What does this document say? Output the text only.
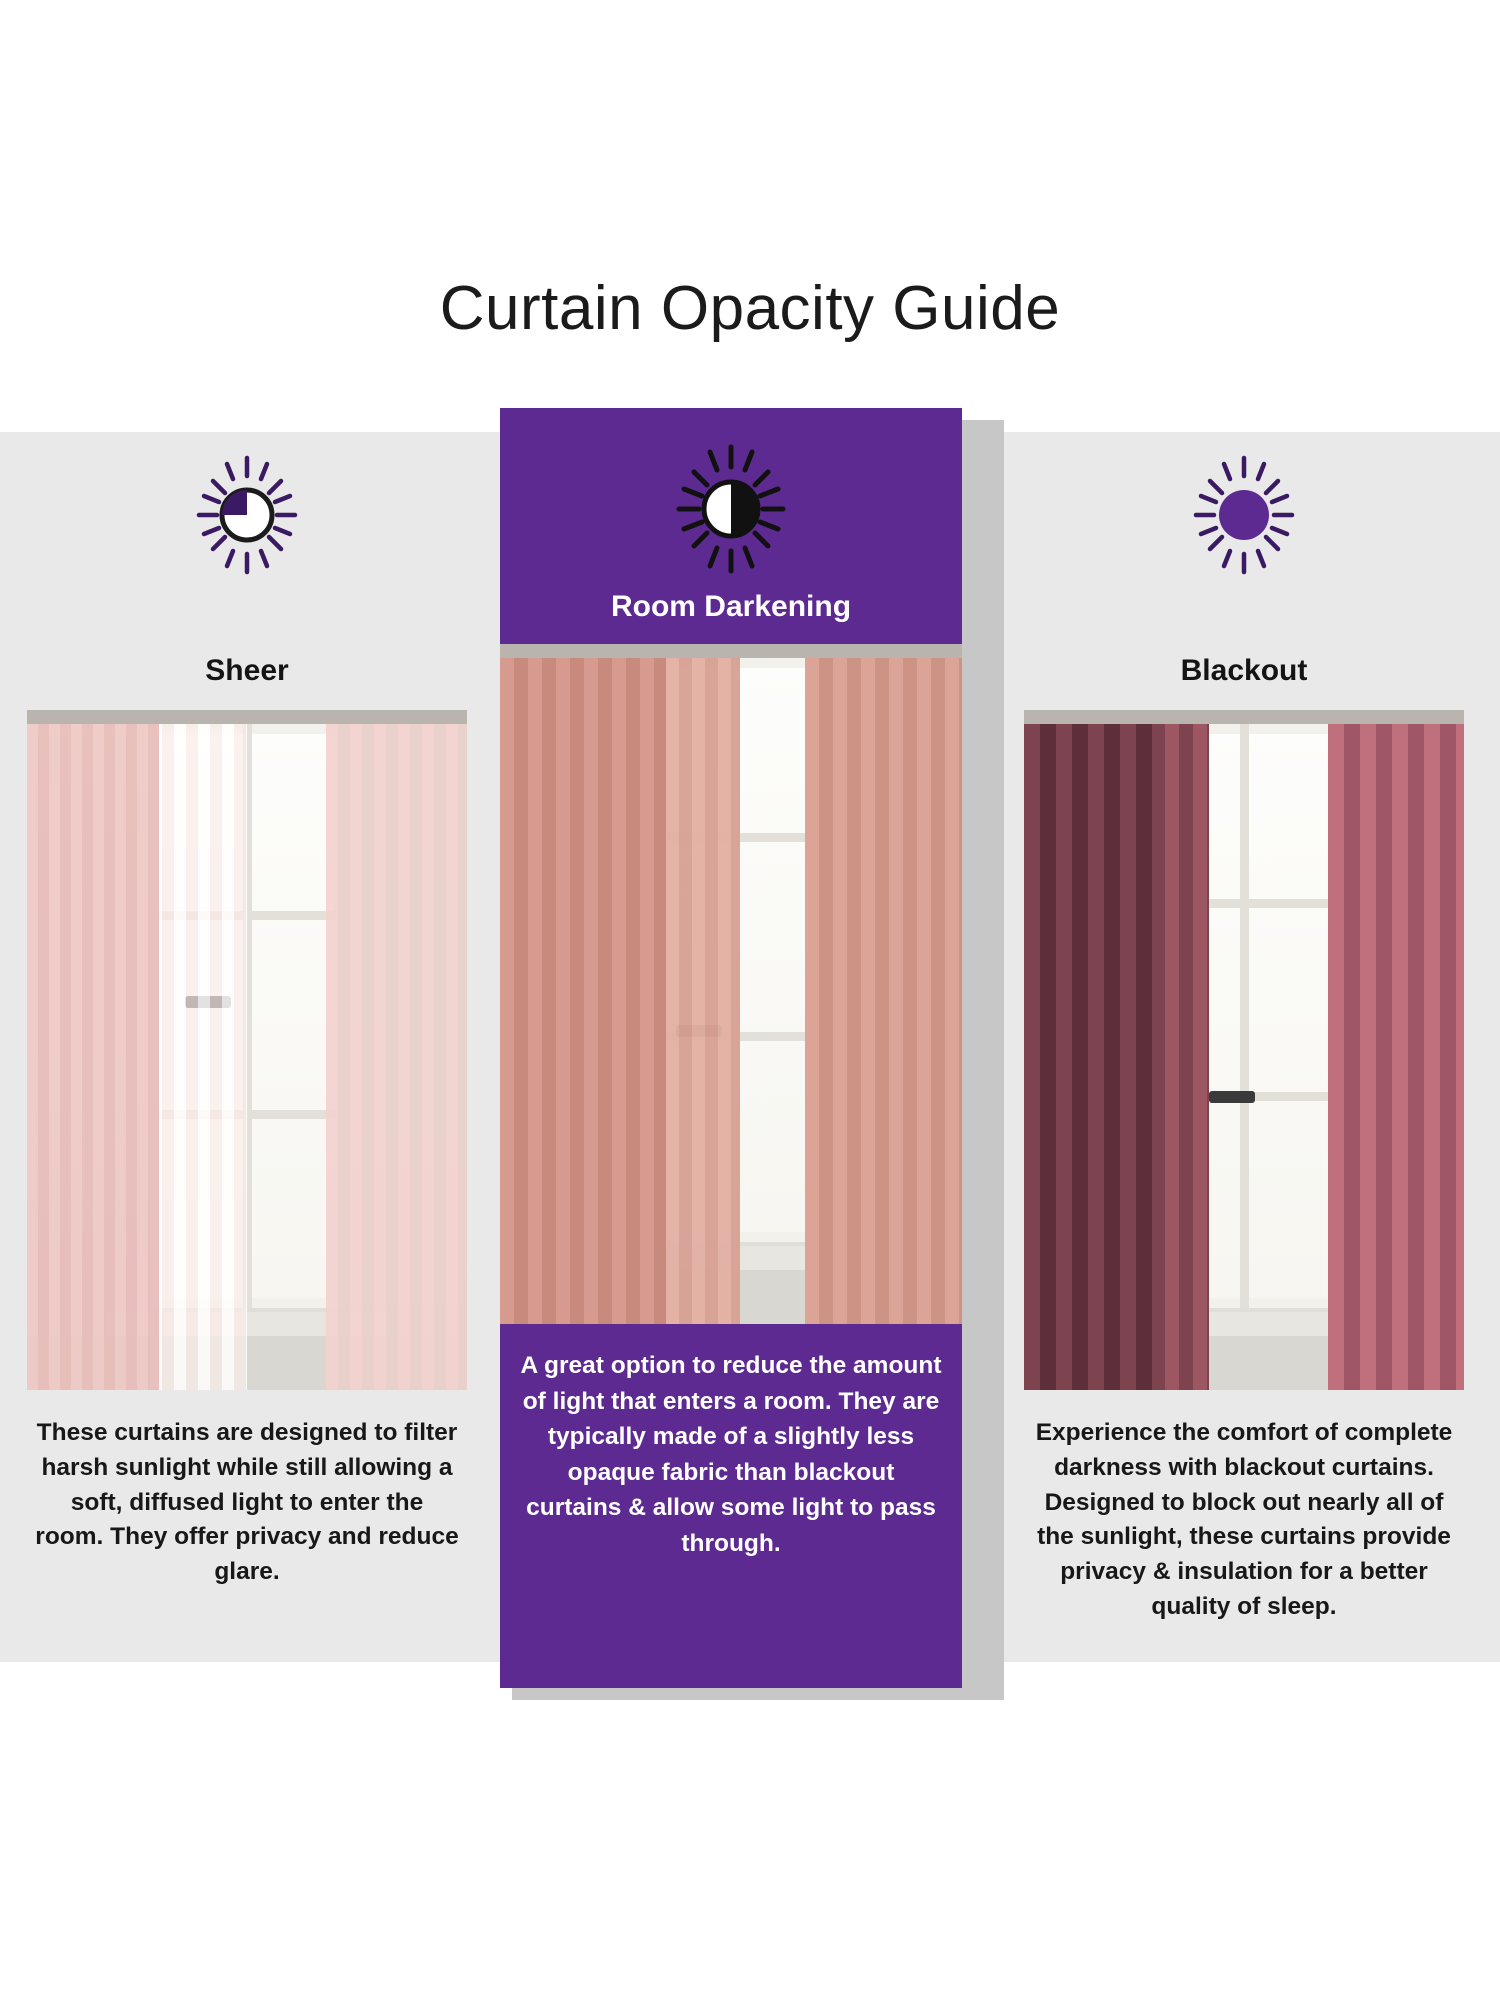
Curtain Opacity Guide
Sheer
These curtains are designed to filter harsh sunlight while still allowing a soft, diffused light to enter the room. They offer privacy and reduce glare.
Room Darkening
A great option to reduce the amount of light that enters a room. They are typically made of a slightly less opaque fabric than blackout curtains & allow some light to pass through.
Blackout
Experience the comfort of complete darkness with blackout curtains. Designed to block out nearly all of the sunlight, these curtains provide privacy & insulation for a better quality of sleep.
